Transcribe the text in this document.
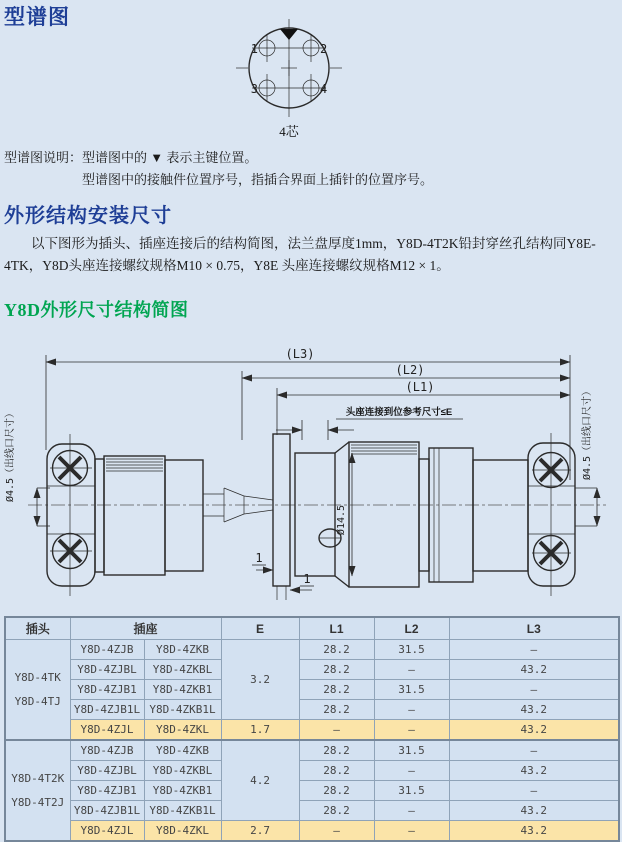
型谱图
1	2
3	4
4芯
型谱图说明：型谱图中的 ▼ 表示主键位置。
型谱图中的接触件位置序号，指插合界面上插针的位置序号。
外形结构安装尺寸
以下图形为插头、插座连接后的结构简图，法兰盘厚度1mm，Y8D-4T2K铅封穿丝孔结构同Y8E-4TK，Y8D头座连接螺纹规格M10 × 0.75，Y8E 头座连接螺纹规格M12 × 1。
Y8D外形尺寸结构简图
(L3)
(L2)
(L1)
头座连接到位参考尺寸≤E
Ø4.5（出线口尺寸）
1
1
Ø14.5
Ø4.5（出线口尺寸）
插头	插座		E	L1	L2	L3

Y8D-4TK
Y8D-4TJ	Y8D-4ZJB	Y8D-4ZKB	3.2	28.2	31.5	—
	Y8D-4ZJBL	Y8D-4ZKBL		28.2	—	43.2
	Y8D-4ZJB1	Y8D-4ZKB1		28.2	31.5	—
	Y8D-4ZJB1L	Y8D-4ZKB1L		28.2	—	43.2
	Y8D-4ZJL	Y8D-4ZKL	1.7	—	—	43.2

Y8D-4T2K
Y8D-4T2J	Y8D-4ZJB	Y8D-4ZKB	4.2	28.2	31.5	—
	Y8D-4ZJBL	Y8D-4ZKBL		28.2	—	43.2
	Y8D-4ZJB1	Y8D-4ZKB1		28.2	31.5	—
	Y8D-4ZJB1L	Y8D-4ZKB1L		28.2	—	43.2
	Y8D-4ZJL	Y8D-4ZKL	2.7	—	—	43.2
